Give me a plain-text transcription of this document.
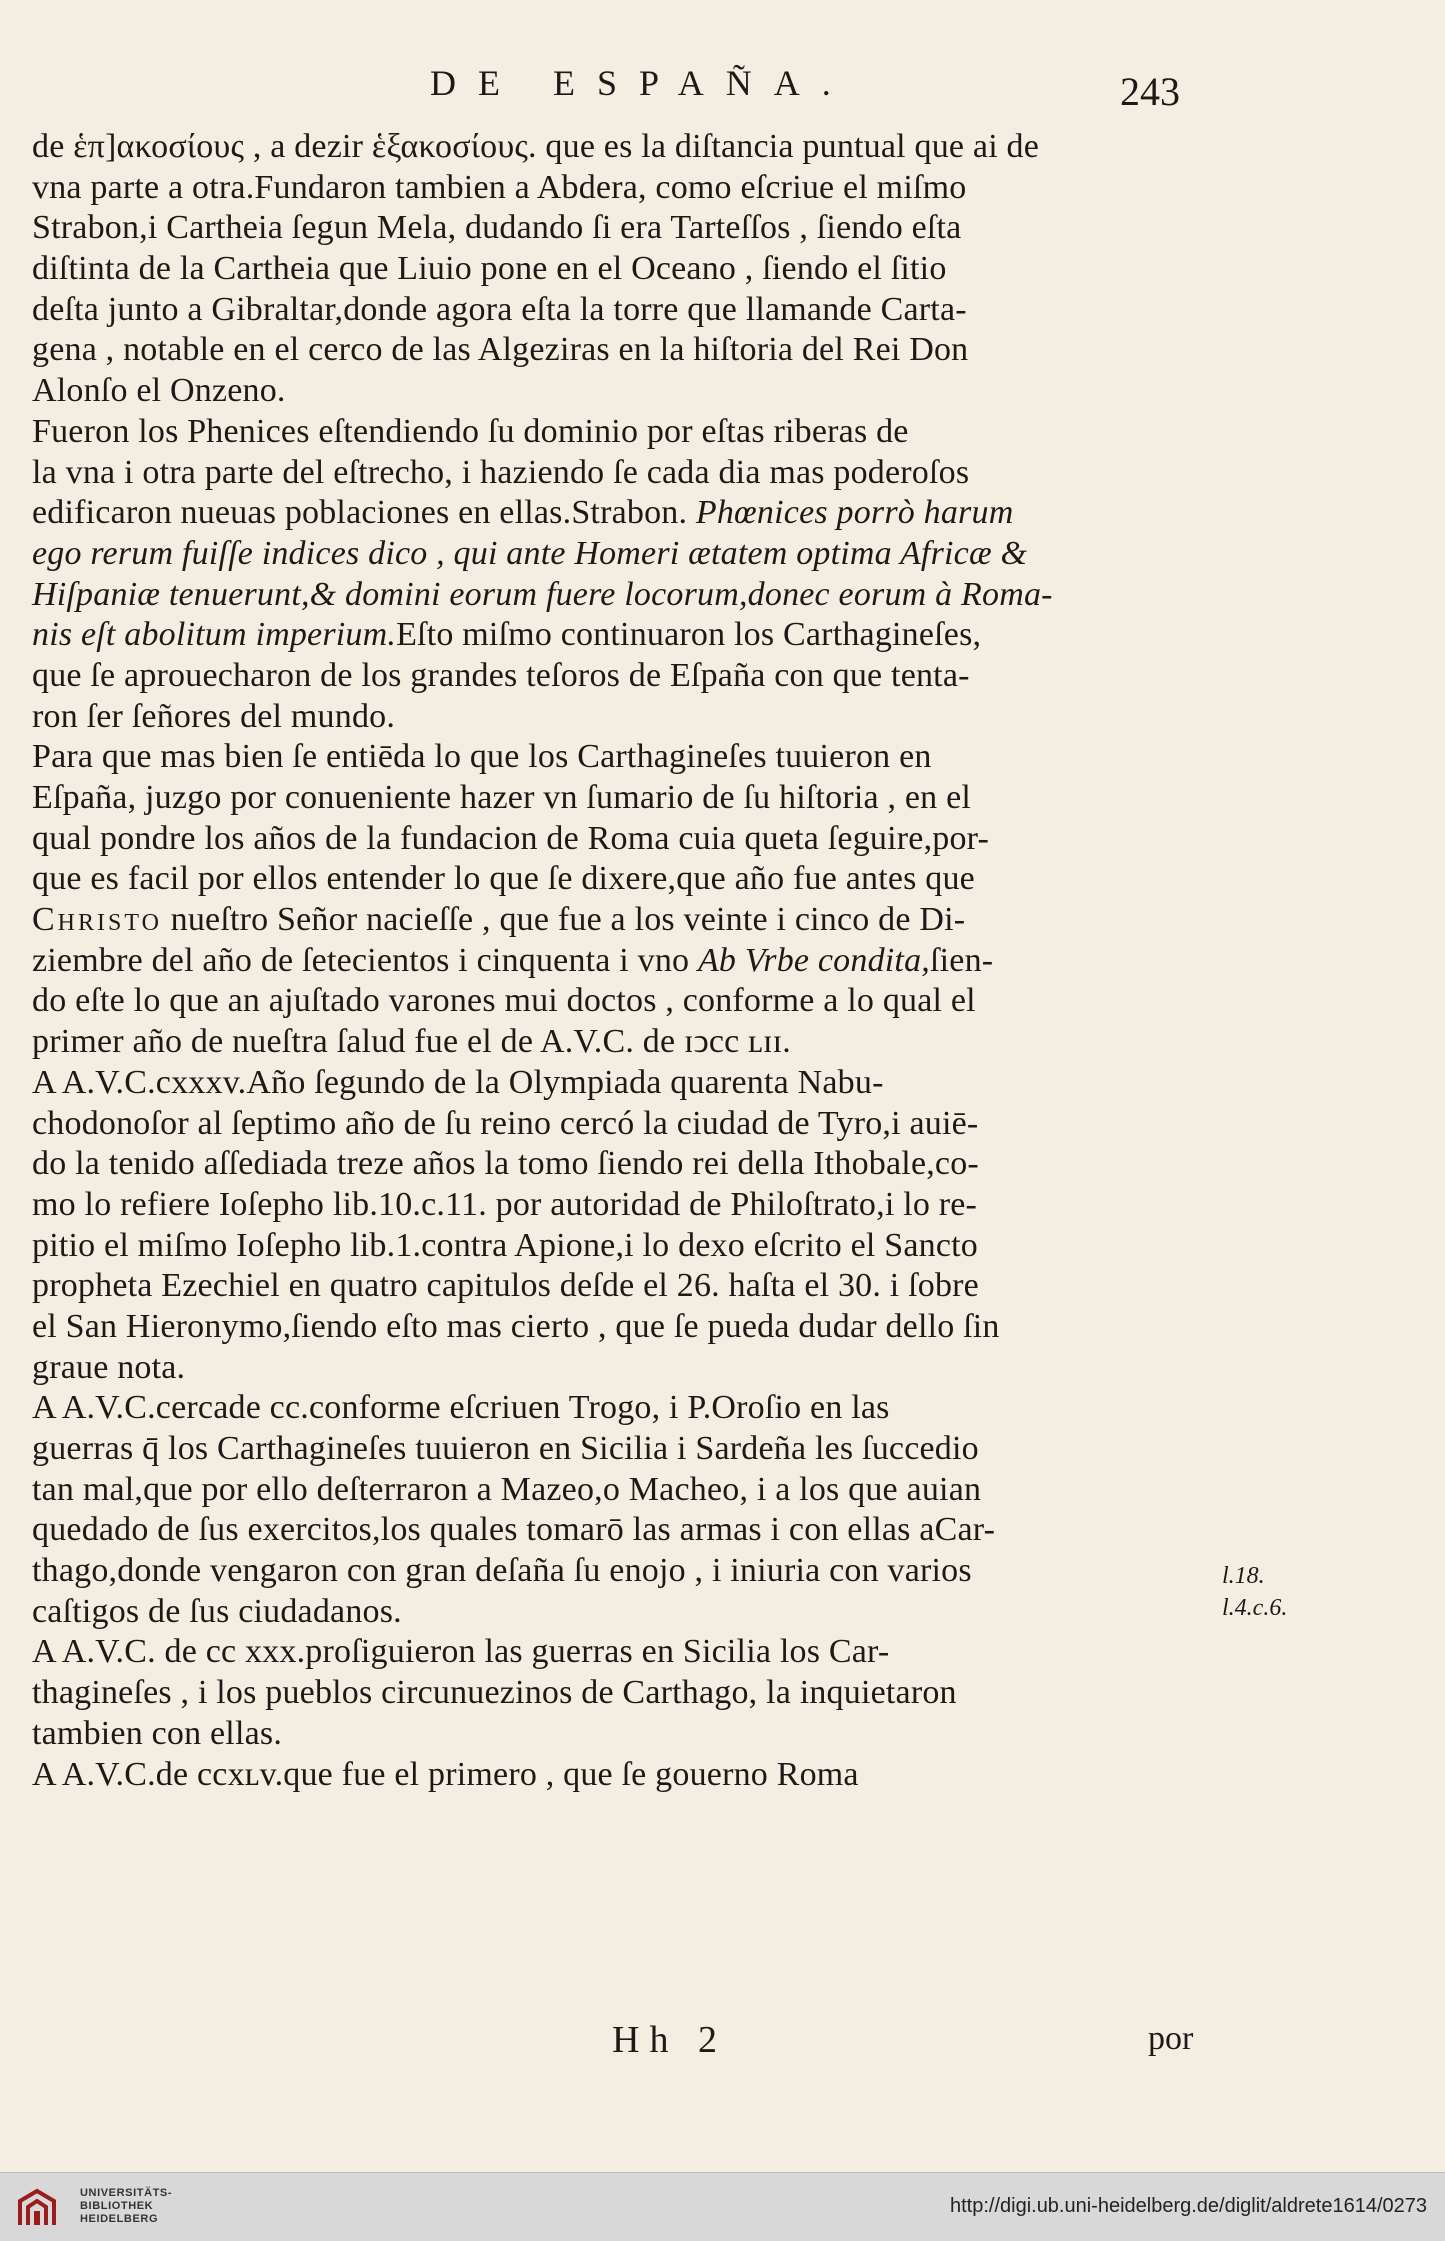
DE ESPAÑA.	243
de ἑπ]ακοσίους , a dezir ἑξακοσίους. que es la diſtancia puntual que ai de
vna parte a otra.Fundaron tambien a Abdera, como eſcriue el miſmo
Strabon,i Cartheia ſegun Mela, dudando ſi era Tarteſſos , ſiendo eſta
diſtinta de la Cartheia que Liuio pone en el Oceano , ſiendo el ſitio
deſta junto a Gibraltar,donde agora eſta la torre que llamande Carta-
gena , notable en el cerco de las Algeziras en la hiſtoria del Rei Don
Alonſo el Onzeno.
Fueron los Phenices eſtendiendo ſu dominio por eſtas riberas de
la vna i otra parte del eſtrecho, i haziendo ſe cada dia mas poderoſos
edificaron nueuas poblaciones en ellas.Strabon. Phœnices porrò harum
ego rerum fuiſſe indices dico , qui ante Homeri ætatem optima Africæ &
Hiſpaniæ tenuerunt,& domini eorum fuere locorum,donec eorum à Roma-
nis eſt abolitum imperium.Eſto miſmo continuaron los Carthagineſes,
que ſe aprouecharon de los grandes teſoros de Eſpaña con que tenta-
ron ſer ſeñores del mundo.
Para que mas bien ſe entiēda lo que los Carthagineſes tuuieron en
Eſpaña, juzgo por conueniente hazer vn ſumario de ſu hiſtoria , en el
qual pondre los años de la fundacion de Roma cuia queta ſeguire,por-
que es facil por ellos entender lo que ſe dixere,que año fue antes que
Christo nueſtro Señor nacieſſe , que fue a los veinte i cinco de Di-
ziembre del año de ſetecientos i cinquenta i vno Ab Vrbe condita,ſien-
do eſte lo que an ajuſtado varones mui doctos , conforme a lo qual el
primer año de nueſtra ſalud fue el de A.V.C. de ɪↄcc ʟɪɪ.
A A.V.C.cxxxv.Año ſegundo de la Olympiada quarenta Nabu-
chodonoſor al ſeptimo año de ſu reino cercó la ciudad de Tyro,i auiē-
do la tenido aſſediada treze años la tomo ſiendo rei della Ithobale,co-
mo lo refiere Ioſepho lib.10.c.11. por autoridad de Philoſtrato,i lo re-
pitio el miſmo Ioſepho lib.1.contra Apione,i lo dexo eſcrito el Sancto
propheta Ezechiel en quatro capitulos deſde el 26. haſta el 30. i ſobre
el San Hieronymo,ſiendo eſto mas cierto , que ſe pueda dudar dello ſin
graue nota.
A A.V.C.cercade cc.conforme eſcriuen Trogo, i P.Oroſio en las
guerras q̄ los Carthagineſes tuuieron en Sicilia i Sardeña les ſuccedio
tan mal,que por ello deſterraron a Mazeo,o Macheo, i a los que auian
quedado de ſus exercitos,los quales tomarō las armas i con ellas aCar-
thago,donde vengaron con gran deſaña ſu enojo , i iniuria con varios
caſtigos de ſus ciudadanos.
A A.V.C. de cc xxx.proſiguieron las guerras en Sicilia los Car-
thagineſes , i los pueblos circunuezinos de Carthago, la inquietaron
tambien con ellas.
A A.V.C.de ccxʟv.que fue el primero , que ſe gouerno Roma
l.18.
l.4.c.6.
Hh 2	por
UNIVERSITÄTS-
BIBLIOTHEK
HEIDELBERG
http://digi.ub.uni-heidelberg.de/diglit/aldrete1614/0273
